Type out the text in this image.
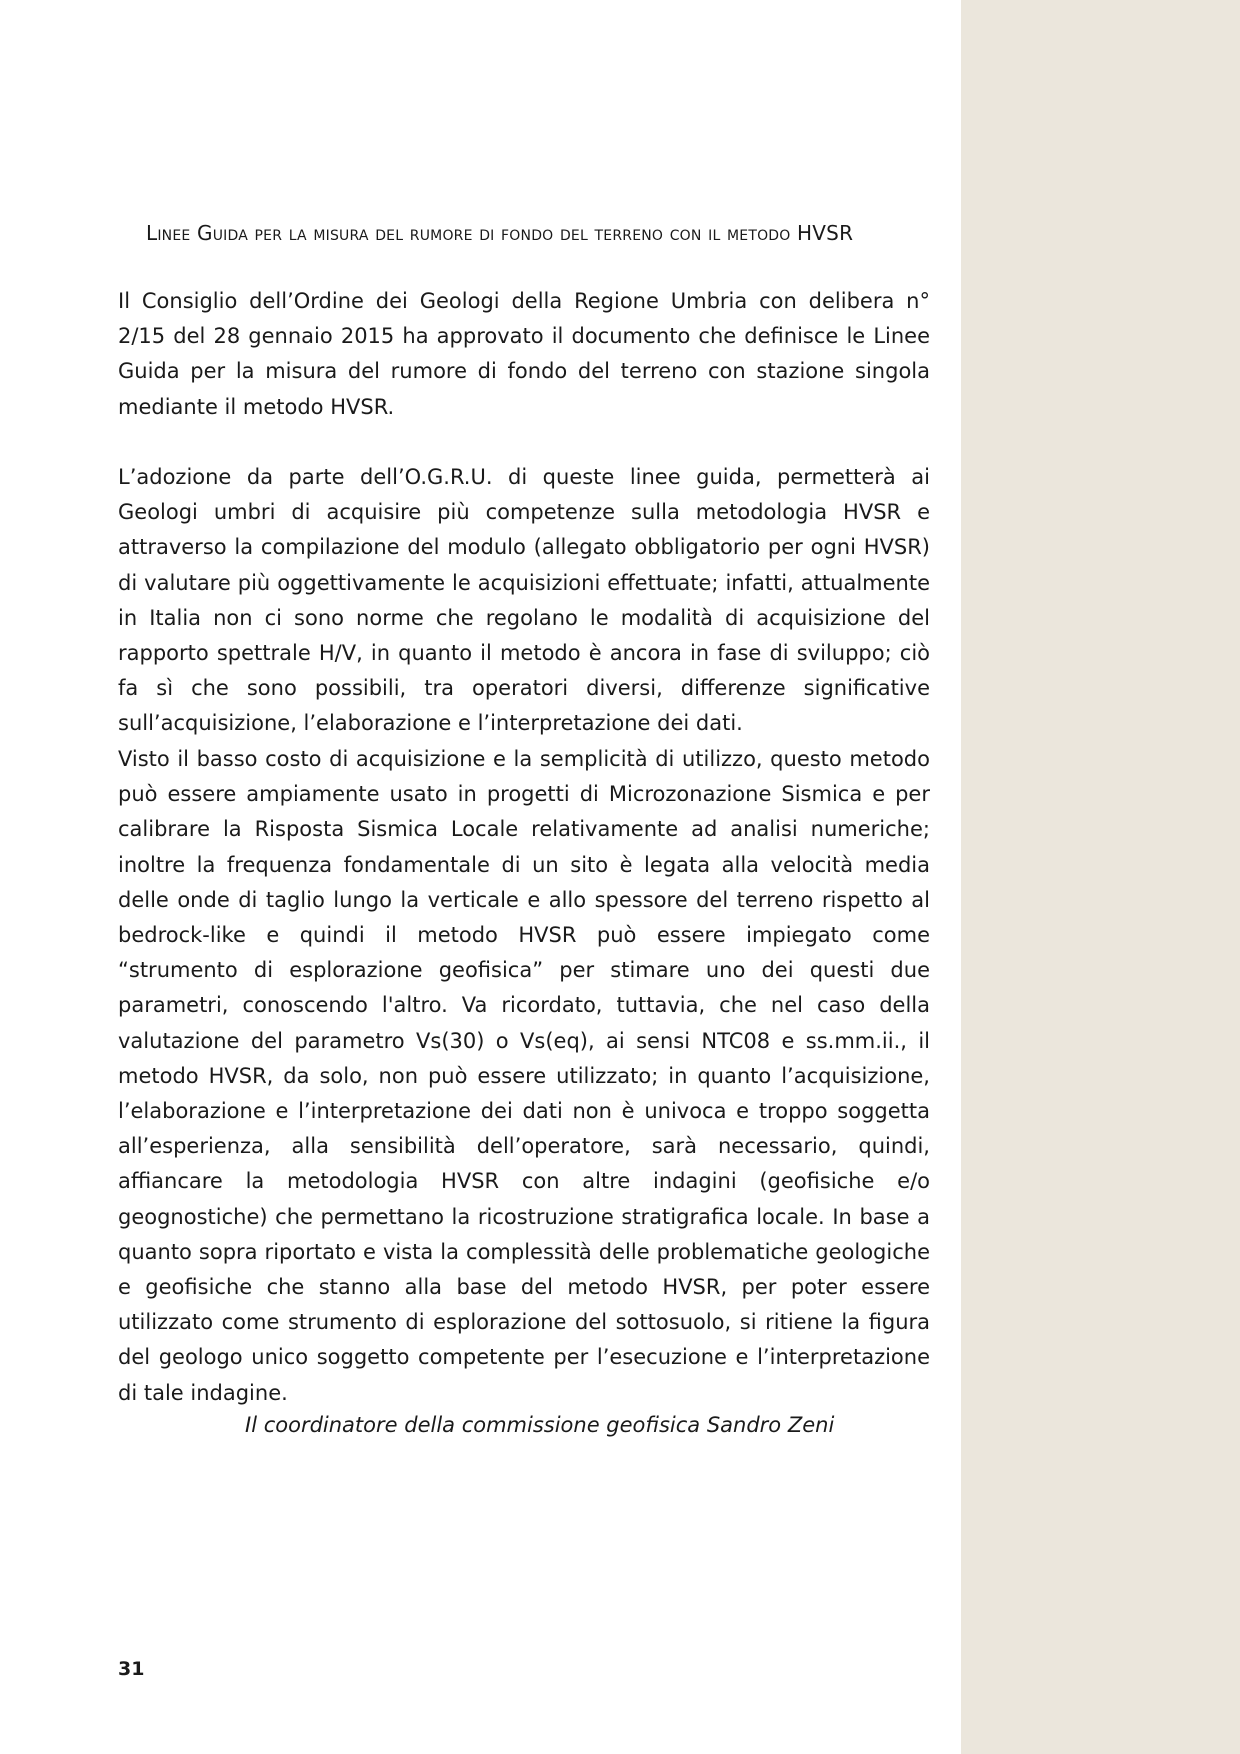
Linee Guida per la misura del rumore di fondo del terreno con il metodo HVSR

Il Consiglio dell’Ordine dei Geologi della Regione Umbria con delibera n° 2/15 del 28 gennaio 2015 ha approvato il documento che definisce le Linee Guida per la misura del rumore di fondo del terreno con stazione singola mediante il metodo HVSR.

L’adozione da parte dell’O.G.R.U. di queste linee guida, permetterà ai Geologi umbri di acquisire più competenze sulla metodologia HVSR e attraverso la compilazione del modulo (allegato obbligatorio per ogni HVSR) di valutare più oggettivamente le acquisizioni effettuate; infatti, attualmente in Italia non ci sono norme che regolano le modalità di acquisizione del rapporto spettrale H/V, in quanto il metodo è ancora in fase di sviluppo; ciò fa sì che sono possibili, tra operatori diversi, differenze significative sull’acquisizione, l’elaborazione e l’interpretazione dei dati.

Visto il basso costo di acquisizione e la semplicità di utilizzo, questo metodo può essere ampiamente usato in progetti di Microzonazione Sismica e per calibrare la Risposta Sismica Locale relativamente ad analisi numeriche; inoltre la frequenza fondamentale di un sito è legata alla velocità media delle onde di taglio lungo la verticale e allo spessore del terreno rispetto al bedrock-like e quindi il metodo HVSR può essere impiegato come “strumento di esplorazione geofisica” per stimare uno dei questi due parametri, conoscendo l'altro. Va ricordato, tuttavia, che nel caso della valutazione del parametro Vs(30) o Vs(eq), ai sensi NTC08 e ss.mm.ii., il metodo HVSR, da solo, non può essere utilizzato; in quanto l’acquisizione, l’elaborazione e l’interpretazione dei dati non è univoca e troppo soggetta all’esperienza, alla sensibilità dell’operatore, sarà necessario, quindi, affiancare la metodologia HVSR con altre indagini (geofisiche e/o geognostiche) che permettano la ricostruzione stratigrafica locale. In base a quanto sopra riportato e vista la complessità delle problematiche geologiche e geofisiche che stanno alla base del metodo HVSR, per poter essere utilizzato come strumento di esplorazione del sottosuolo, si ritiene la figura del geologo unico soggetto competente per l’esecuzione e l’interpretazione di tale indagine.

Il coordinatore della commissione geofisica Sandro Zeni
31
